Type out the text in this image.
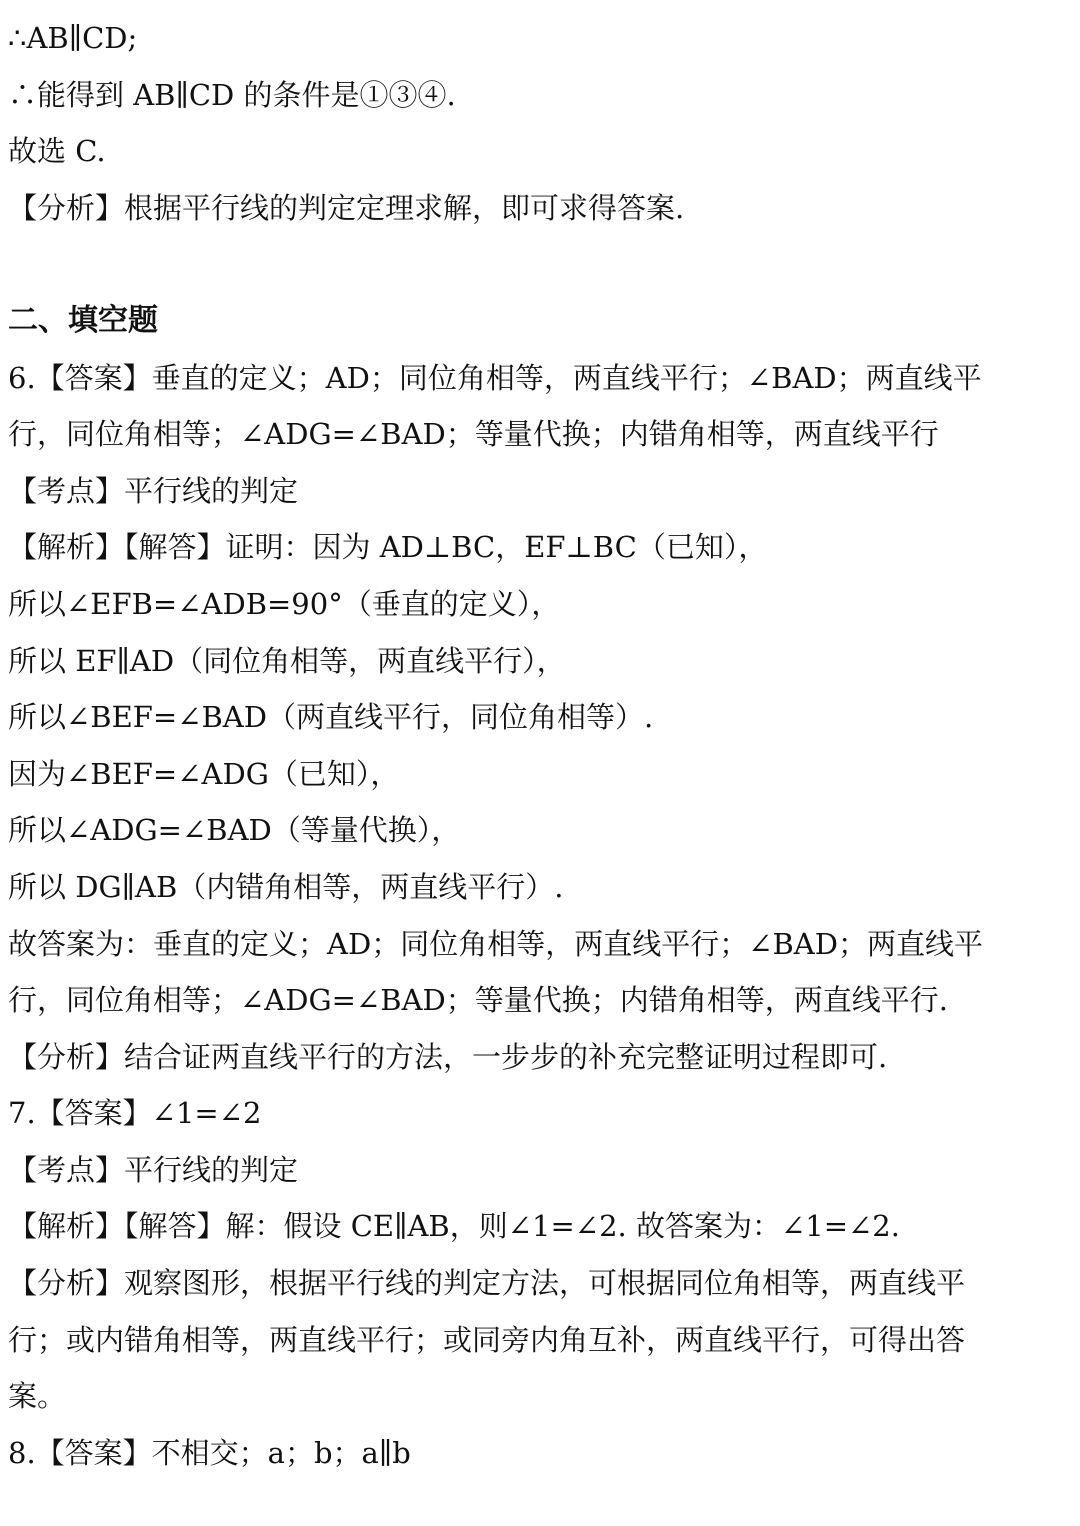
∴AB∥CD;
∴能得到 AB∥CD 的条件是①③④.
故选 C.
【分析】根据平行线的判定定理求解，即可求得答案.
二、填空题
6.【答案】垂直的定义；AD；同位角相等，两直线平行；∠BAD；两直线平
行，同位角相等；∠ADG=∠BAD；等量代换；内错角相等，两直线平行
【考点】平行线的判定
【解析】【解答】证明：因为 AD⊥BC，EF⊥BC（已知），
所以∠EFB=∠ADB=90°（垂直的定义），
所以 EF∥AD（同位角相等，两直线平行），
所以∠BEF=∠BAD（两直线平行，同位角相等）.
因为∠BEF=∠ADG（已知），
所以∠ADG=∠BAD（等量代换），
所以 DG∥AB（内错角相等，两直线平行）.
故答案为：垂直的定义；AD；同位角相等，两直线平行；∠BAD；两直线平
行，同位角相等；∠ADG=∠BAD；等量代换；内错角相等，两直线平行.
【分析】结合证两直线平行的方法，一步步的补充完整证明过程即可.
7.【答案】∠1=∠2
【考点】平行线的判定
【解析】【解答】解：假设 CE∥AB，则∠1=∠2. 故答案为：∠1=∠2.
【分析】观察图形，根据平行线的判定方法，可根据同位角相等，两直线平
行；或内错角相等，两直线平行；或同旁内角互补，两直线平行，可得出答
案。
8.【答案】不相交；a；b；a∥b
